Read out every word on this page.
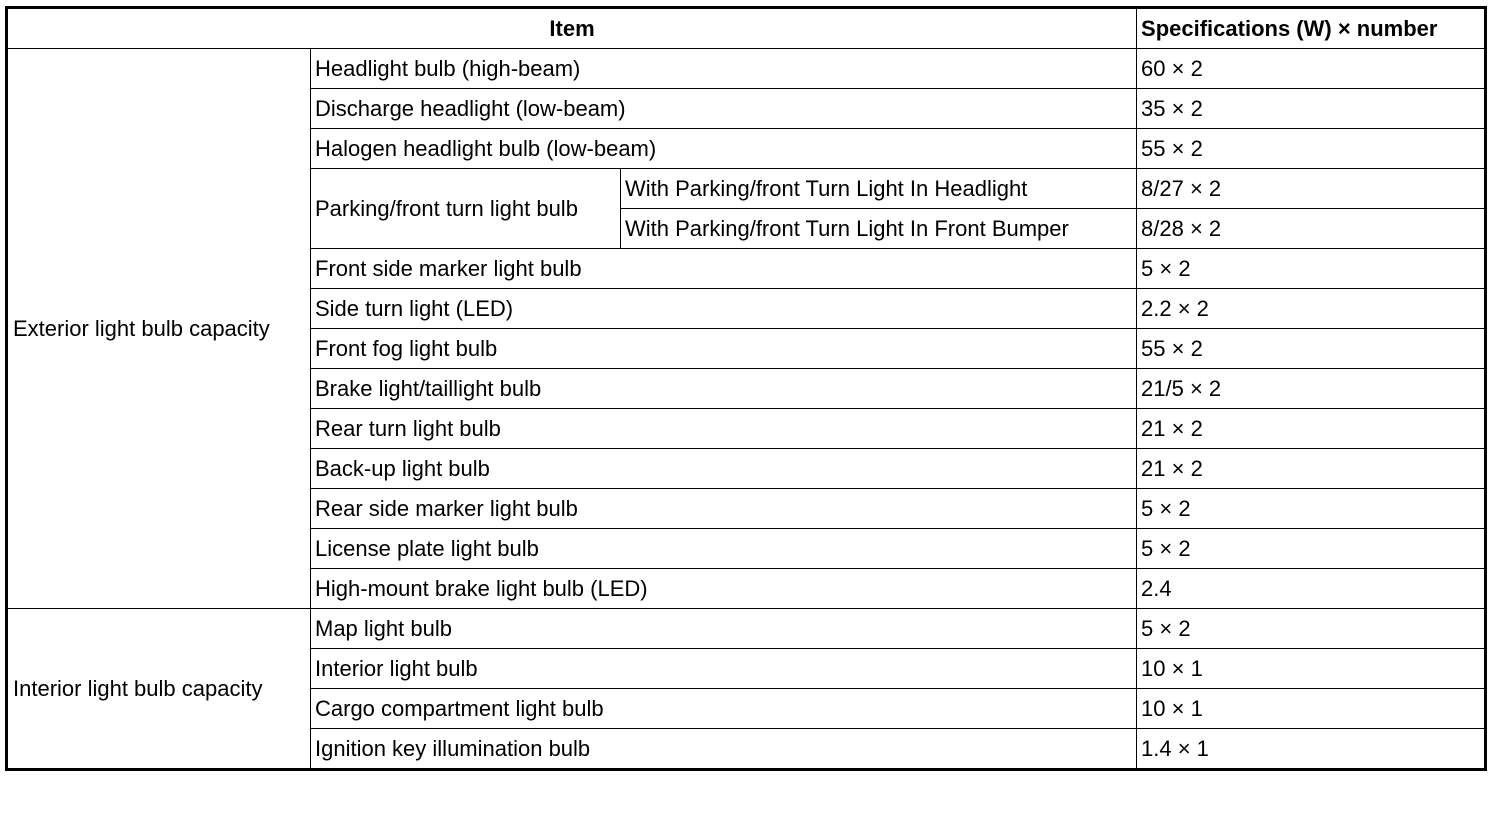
Item			Specifications (W) × number
Exterior light bulb capacity	Headlight bulb (high-beam)		60 × 2
	Discharge headlight (low-beam)		35 × 2
	Halogen headlight bulb (low-beam)		55 × 2
	Parking/front turn light bulb	With Parking/front Turn Light In Headlight	8/27 × 2
		With Parking/front Turn Light In Front Bumper	8/28 × 2
	Front side marker light bulb		5 × 2
	Side turn light (LED)		2.2 × 2
	Front fog light bulb		55 × 2
	Brake light/taillight bulb		21/5 × 2
	Rear turn light bulb		21 × 2
	Back-up light bulb		21 × 2
	Rear side marker light bulb		5 × 2
	License plate light bulb		5 × 2
	High-mount brake light bulb (LED)		2.4
Interior light bulb capacity	Map light bulb		5 × 2
	Interior light bulb		10 × 1
	Cargo compartment light bulb		10 × 1
	Ignition key illumination bulb		1.4 × 1
